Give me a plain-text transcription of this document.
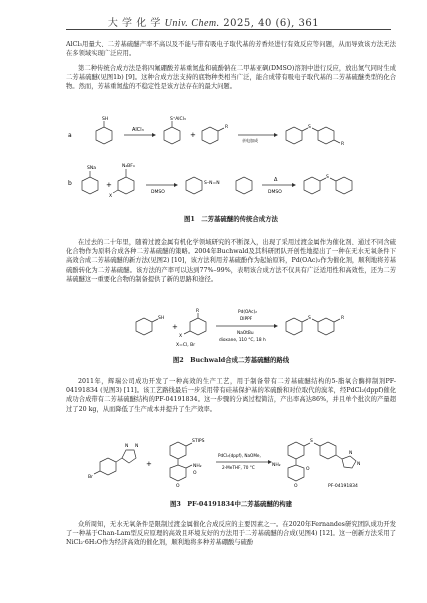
大 学 化 学 Univ. Chem. 2025, 40 (6), 361
AlCl₃用量大、二芳基硫醚产率不高以及不能与带有吸电子取代基的芳香烃进行有效反应等问题，从而导致该方法无法在多领域实现广泛应用。
第二种传统合成方法是将四氟硼酸芳基重氮盐和硫酚钠在二甲基亚砜(DMSO)溶剂中进行反应，放出氮气同时生成二芳基硫醚(见图1b) [9]。这种合成方法支持的底物种类相当广泛，能合成带有吸电子取代基的二芳基硫醚类型的化合物。然而，芳基重氮盐的不稳定性是该方法存在的最大问题。
a
SH
AlCl₃
S⁺AlCl₃
+
R
亲电加成
S
R
b
SNa
+
N₂BF₄
X
DMSO
S–N=N
Δ
DMSO
S
图1　二芳基硫醚的传统合成方法
在过去的二十年里，随着过渡金属有机化学领域研究的不断深入，出现了采用过渡金属作为催化剂、通过不同含硫化合物作为原料合成各种二芳基硫醚的策略。2004年Buchwald及其科研团队开创性地提出了一种在无水无氧条件下高效合成二芳基硫醚的新方法(见图2) [10]，该方法利用芳基硫酚作为起始原料，Pd(OAc)₂作为催化剂，顺利地将芳基硫酚转化为二芳基硫醚。该方法的产率可以达到77%–99%，表明该合成方法不仅具有广泛适用性和高效性，还为二芳基硫醚这一重要化合物的制备提供了新的思路和途径。
SH
+
R
X
X=Cl, Br
Pd(OAc)₂
DIPPF
NaOtBu
dioxane, 110 °C, 18 h
S	R
图2　Buchwald合成二芳基硫醚的路线
2011年，辉瑞公司成功开发了一种高效的生产工艺，用于制备带有二芳基硫醚结构的5-脂氧合酶抑制剂PF-04191834 (见图3) [11]。该工艺路线最后一步采用带有硅基保护基的苯硫酚和对位取代的溴苯，经PdCl₂(dppf)催化成功合成带有二芳基硫醚结构的PF-04191834。这一步骤的分离过程简洁，产出率高达86%，并且单个批次的产量超过了20 kg，从而降低了生产成本并提升了生产效率。
Br
N N
+
STIPS
NH₂
O
O
PdCl₂(dppf), NaOMe,
2-MeTHF, 70 °C
S
NH₂
O
O
N
N
PF-04191834
图3　PF-04191834中二芳基硫醚的构建
众所周知，无水无氧条件是限制过渡金属催化合成反应的主要因素之一。在2020年Fernandes研究团队成功开发了一种基于Chan-Lam型反应原理的高效且环境友好的方法用于二芳基硫醚的合成(见图4) [12]。这一创新方法采用了NiCl₂·6H₂O作为经济高效的催化剂，顺利地将多种芳基硼酸与硫酚
